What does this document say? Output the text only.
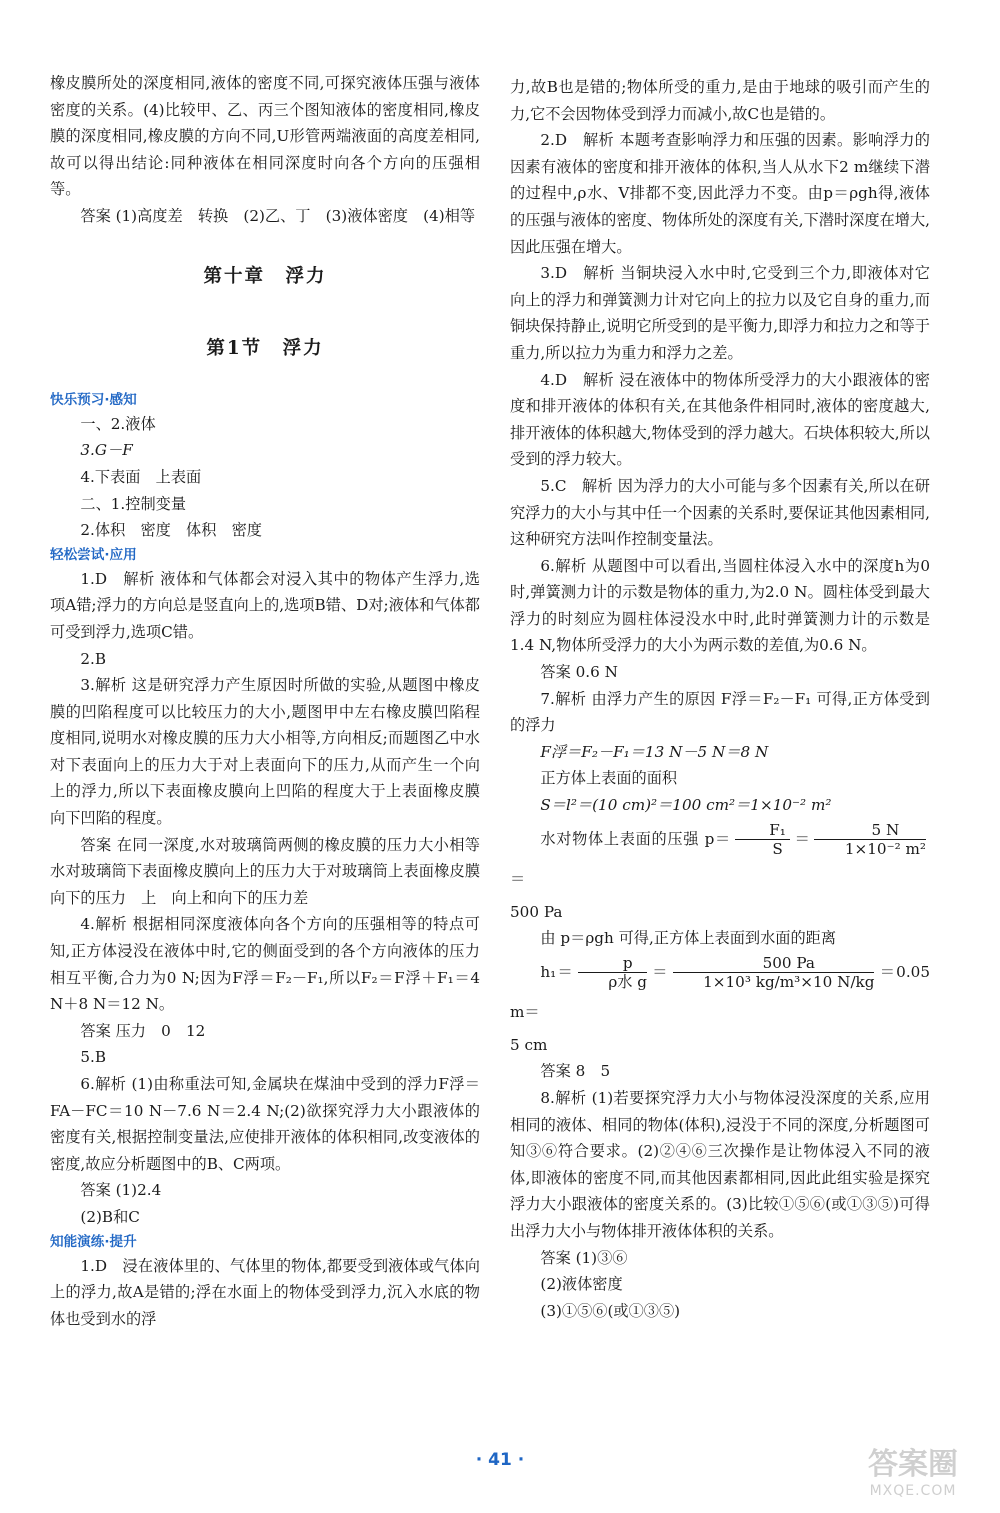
橡皮膜所处的深度相同,液体的密度不同,可探究液体压强与液体密度的关系。(4)比较甲、乙、丙三个图知液体的密度相同,橡皮膜的深度相同,橡皮膜的方向不同,U形管两端液面的高度差相同,故可以得出结论:同种液体在相同深度时向各个方向的压强相等。

答案 (1)高度差　转换　(2)乙、丁　(3)液体密度　(4)相等

第十章　浮力
第1节　浮力
快乐预习·感知

一、2.液体

3.G－F

4.下表面　上表面

二、1.控制变量

2.体积　密度　体积　密度

轻松尝试·应用

1.D　解析 液体和气体都会对浸入其中的物体产生浮力,选项A错;浮力的方向总是竖直向上的,选项B错、D对;液体和气体都可受到浮力,选项C错。

2.B

3.解析 这是研究浮力产生原因时所做的实验,从题图中橡皮膜的凹陷程度可以比较压力的大小,题图甲中左右橡皮膜凹陷程度相同,说明水对橡皮膜的压力大小相等,方向相反;而题图乙中水对下表面向上的压力大于对上表面向下的压力,从而产生一个向上的浮力,所以下表面橡皮膜向上凹陷的程度大于上表面橡皮膜向下凹陷的程度。

答案 在同一深度,水对玻璃筒两侧的橡皮膜的压力大小相等　水对玻璃筒下表面橡皮膜向上的压力大于对玻璃筒上表面橡皮膜向下的压力　上　向上和向下的压力差

4.解析 根据相同深度液体向各个方向的压强相等的特点可知,正方体浸没在液体中时,它的侧面受到的各个方向液体的压力相互平衡,合力为0 N;因为F浮＝F₂－F₁,所以F₂＝F浮＋F₁＝4 N＋8 N＝12 N。

答案 压力　0　12

5.B

6.解析 (1)由称重法可知,金属块在煤油中受到的浮力F浮＝FA－FC＝10 N－7.6 N＝2.4 N;(2)欲探究浮力大小跟液体的密度有关,根据控制变量法,应使排开液体的体积相同,改变液体的密度,故应分析题图中的B、C两项。

答案 (1)2.4

(2)B和C

知能演练·提升

1.D　浸在液体里的、气体里的物体,都要受到液体或气体向上的浮力,故A是错的;浮在水面上的物体受到浮力,沉入水底的物体也受到水的浮

力,故B也是错的;物体所受的重力,是由于地球的吸引而产生的力,它不会因物体受到浮力而减小,故C也是错的。

2.D　解析 本题考查影响浮力和压强的因素。影响浮力的因素有液体的密度和排开液体的体积,当人从水下2 m继续下潜的过程中,ρ水、V排都不变,因此浮力不变。由p＝ρgh得,液体的压强与液体的密度、物体所处的深度有关,下潜时深度在增大,因此压强在增大。

3.D　解析 当铜块浸入水中时,它受到三个力,即液体对它向上的浮力和弹簧测力计对它向上的拉力以及它自身的重力,而铜块保持静止,说明它所受到的是平衡力,即浮力和拉力之和等于重力,所以拉力为重力和浮力之差。

4.D　解析 浸在液体中的物体所受浮力的大小跟液体的密度和排开液体的体积有关,在其他条件相同时,液体的密度越大,排开液体的体积越大,物体受到的浮力越大。石块体积较大,所以受到的浮力较大。

5.C　解析 因为浮力的大小可能与多个因素有关,所以在研究浮力的大小与其中任一个因素的关系时,要保证其他因素相同,这种研究方法叫作控制变量法。

6.解析 从题图中可以看出,当圆柱体浸入水中的深度h为0时,弹簧测力计的示数是物体的重力,为2.0 N。圆柱体受到最大浮力的时刻应为圆柱体浸没水中时,此时弹簧测力计的示数是1.4 N,物体所受浮力的大小为两示数的差值,为0.6 N。

答案 0.6 N

7.解析 由浮力产生的原因 F浮＝F₂－F₁ 可得,正方体受到的浮力

F浮＝F₂－F₁＝13 N－5 N＝8 N

正方体上表面的面积

S＝l²＝(10 cm)²＝100 cm²＝1×10⁻² m²

水对物体上表面的压强 $p= \frac{\text{F₁}}{S} = \frac{5 N}{\text{1×10⁻² m²}}$
＝

500 Pa

由 p＝ρgh 可得,正方体上表面到水面的距离

$h_1= \frac{p}{\text{ρ水 g}} = \frac{500 Pa}{\text{1×10³ kg/m³×10 N/kg}} =0.05$ m＝

5 cm

答案 8　5

8.解析 (1)若要探究浮力大小与物体浸没深度的关系,应用相同的液体、相同的物体(体积),浸没于不同的深度,分析题图可知③⑥符合要求。(2)②④⑥三次操作是让物体浸入不同的液体,即液体的密度不同,而其他因素都相同,因此此组实验是探究浮力大小跟液体的密度关系的。(3)比较①⑤⑥(或①③⑤)可得出浮力大小与物体排开液体体积的关系。

答案 (1)③⑥

(2)液体密度

(3)①⑤⑥(或①③⑤)

· 41 ·	答案圈
MXQE.COM
